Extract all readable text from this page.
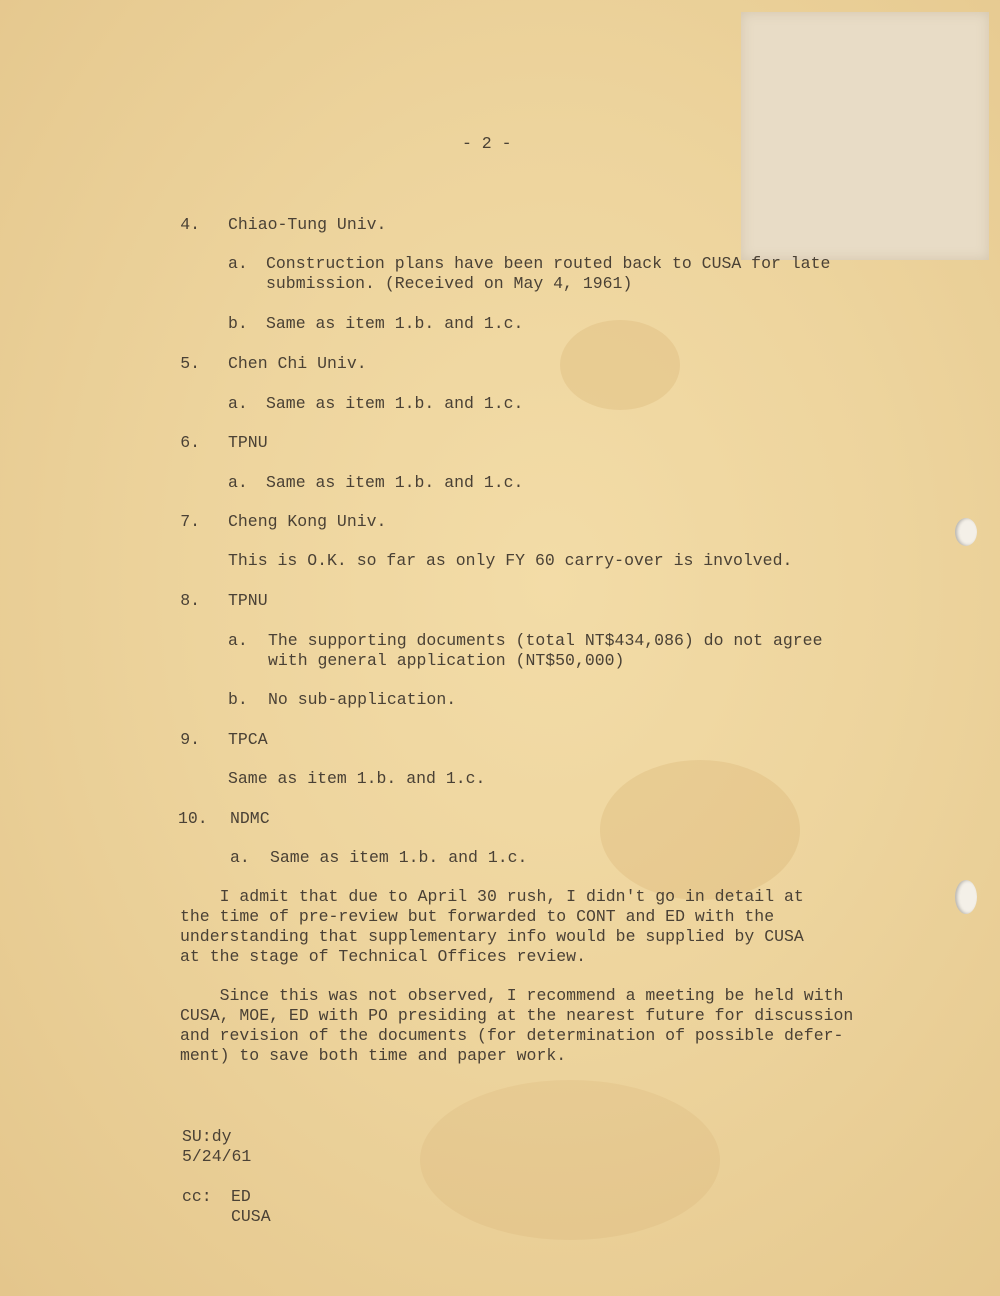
- 2 -
4. Chiao-Tung Univ.
a. Construction plans have been routed back to CUSA for late
submission. (Received on May 4, 1961)
b. Same as item 1.b. and 1.c.
5. Chen Chi Univ.
a. Same as item 1.b. and 1.c.
6. TPNU
a. Same as item 1.b. and 1.c.
7. Cheng Kong Univ.
This is O.K. so far as only FY 60 carry-over is involved.
8. TPNU
a. The supporting documents (total NT$434,086) do not agree
with general application (NT$50,000)
b. No sub-application.
9. TPCA
Same as item 1.b. and 1.c.
10. NDMC
a. Same as item 1.b. and 1.c.
I admit that due to April 30 rush, I didn't go in detail at
the time of pre-review but forwarded to CONT and ED with the
understanding that supplementary info would be supplied by CUSA
at the stage of Technical Offices review.
Since this was not observed, I recommend a meeting be held with
CUSA, MOE, ED with PO presiding at the nearest future for discussion
and revision of the documents (for determination of possible defer-
ment) to save both time and paper work.
SU:dy
5/24/61
cc: ED
CUSA
